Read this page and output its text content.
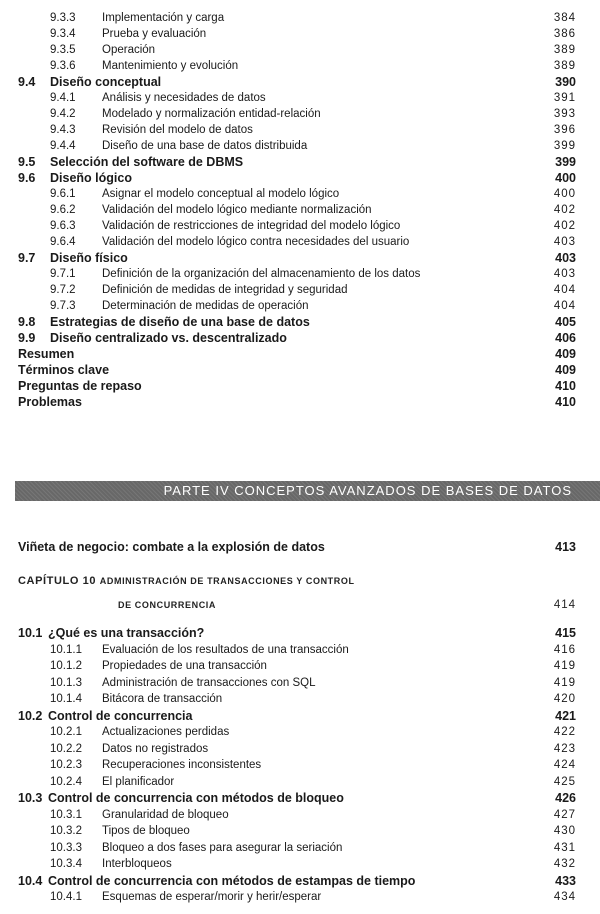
9.3.3 Implementación y carga	384
9.3.4 Prueba y evaluación	386
9.3.5 Operación	389
9.3.6 Mantenimiento y evolución	389
9.4 Diseño conceptual	390
9.4.1 Análisis y necesidades de datos	391
9.4.2 Modelado y normalización entidad-relación	393
9.4.3 Revisión del modelo de datos	396
9.4.4 Diseño de una base de datos distribuida	399
9.5 Selección del software de DBMS	399
9.6 Diseño lógico	400
9.6.1 Asignar el modelo conceptual al modelo lógico	400
9.6.2 Validación del modelo lógico mediante normalización	402
9.6.3 Validación de restricciones de integridad del modelo lógico	402
9.6.4 Validación del modelo lógico contra necesidades del usuario	403
9.7 Diseño físico	403
9.7.1 Definición de la organización del almacenamiento de los datos	403
9.7.2 Definición de medidas de integridad y seguridad	404
9.7.3 Determinación de medidas de operación	404
9.8 Estrategias de diseño de una base de datos	405
9.9 Diseño centralizado vs. descentralizado	406
Resumen	409
Términos clave	409
Preguntas de repaso	410
Problemas	410
PARTE IV CONCEPTOS AVANZADOS DE BASES DE DATOS
Viñeta de negocio: combate a la explosión de datos	413
CAPÍTULO 10 ADMINISTRACIÓN DE TRANSACCIONES Y CONTROL
DE CONCURRENCIA	414
10.1 ¿Qué es una transacción?	415
10.1.1 Evaluación de los resultados de una transacción	416
10.1.2 Propiedades de una transacción	419
10.1.3 Administración de transacciones con SQL	419
10.1.4 Bitácora de transacción	420
10.2 Control de concurrencia	421
10.2.1 Actualizaciones perdidas	422
10.2.2 Datos no registrados	423
10.2.3 Recuperaciones inconsistentes	424
10.2.4 El planificador	425
10.3 Control de concurrencia con métodos de bloqueo	426
10.3.1 Granularidad de bloqueo	427
10.3.2 Tipos de bloqueo	430
10.3.3 Bloqueo a dos fases para asegurar la seriación	431
10.3.4 Interbloqueos	432
10.4 Control de concurrencia con métodos de estampas de tiempo	433
10.4.1 Esquemas de esperar/morir y herir/esperar	434
